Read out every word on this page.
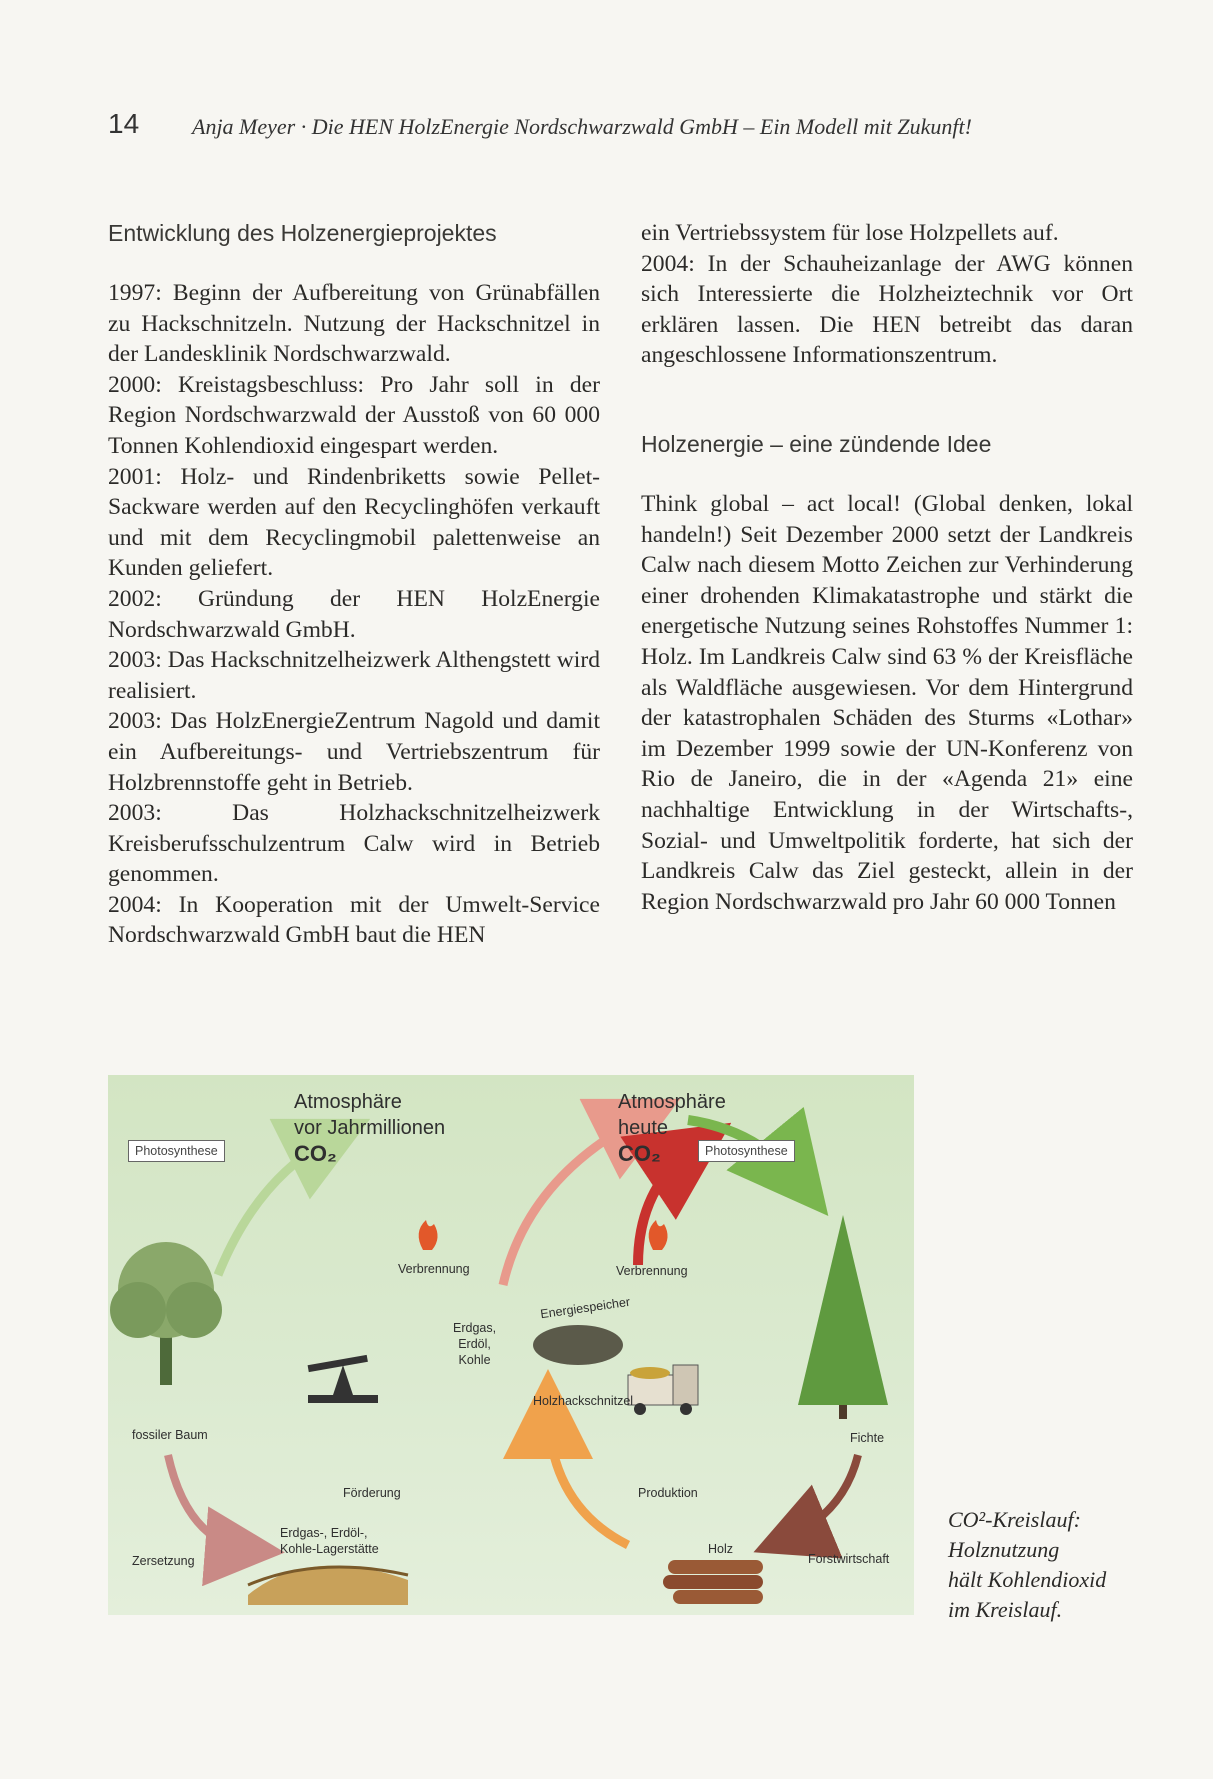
14 Anja Meyer · Die HEN HolzEnergie Nordschwarzwald GmbH – Ein Modell mit Zukunft!
Entwicklung des Holzenergieprojektes

1997: Beginn der Aufbereitung von Grünabfällen zu Hackschnitzeln. Nutzung der Hackschnitzel in der Landesklinik Nordschwarzwald.

2000: Kreistagsbeschluss: Pro Jahr soll in der Region Nordschwarzwald der Ausstoß von 60 000 Tonnen Kohlendioxid eingespart werden.

2001: Holz- und Rindenbriketts sowie Pellet-Sackware werden auf den Recyclinghöfen verkauft und mit dem Recyclingmobil palettenweise an Kunden geliefert.

2002: Gründung der HEN HolzEnergie Nordschwarzwald GmbH.

2003: Das Hackschnitzelheizwerk Althengstett wird realisiert.

2003: Das HolzEnergieZentrum Nagold und damit ein Aufbereitungs- und Vertriebszentrum für Holzbrennstoffe geht in Betrieb.

2003: Das Holzhackschnitzelheizwerk Kreisberufsschulzentrum Calw wird in Betrieb genommen.

2004: In Kooperation mit der Umwelt-Service Nordschwarzwald GmbH baut die HEN

ein Vertriebssystem für lose Holzpellets auf.

2004: In der Schauheizanlage der AWG können sich Interessierte die Holzheiztechnik vor Ort erklären lassen. Die HEN betreibt das daran angeschlossene Informationszentrum.

Holzenergie – eine zündende Idee

Think global – act local! (Global denken, lokal handeln!) Seit Dezember 2000 setzt der Landkreis Calw nach diesem Motto Zeichen zur Verhinderung einer drohenden Klimakatastrophe und stärkt die energetische Nutzung seines Rohstoffes Nummer 1: Holz. Im Landkreis Calw sind 63 % der Kreisfläche als Waldfläche ausgewiesen. Vor dem Hintergrund der katastrophalen Schäden des Sturms «Lothar» im Dezember 1999 sowie der UN-Konferenz von Rio de Janeiro, die in der «Agenda 21» eine nachhaltige Entwicklung in der Wirtschafts-, Sozial- und Umweltpolitik forderte, hat sich der Landkreis Calw das Ziel gesteckt, allein in der Region Nordschwarzwald pro Jahr 60 000 Tonnen

Atmosphäre
vor Jahrmillionen
CO₂
Atmosphäre
heute
CO₂
Photosynthese	Photosynthese
Verbrennung	Verbrennung
Energiespeicher
Erdgas,
Erdöl,
Kohle
Holzhackschnitzel
fossiler Baum	Fichte
Förderung	Produktion
Erdgas-, Erdöl-,
Kohle-Lagerstätte
Zersetzung
Holz
Forstwirtschaft
CO²-Kreislauf:
Holznutzung
hält Kohlendioxid
im Kreislauf.
